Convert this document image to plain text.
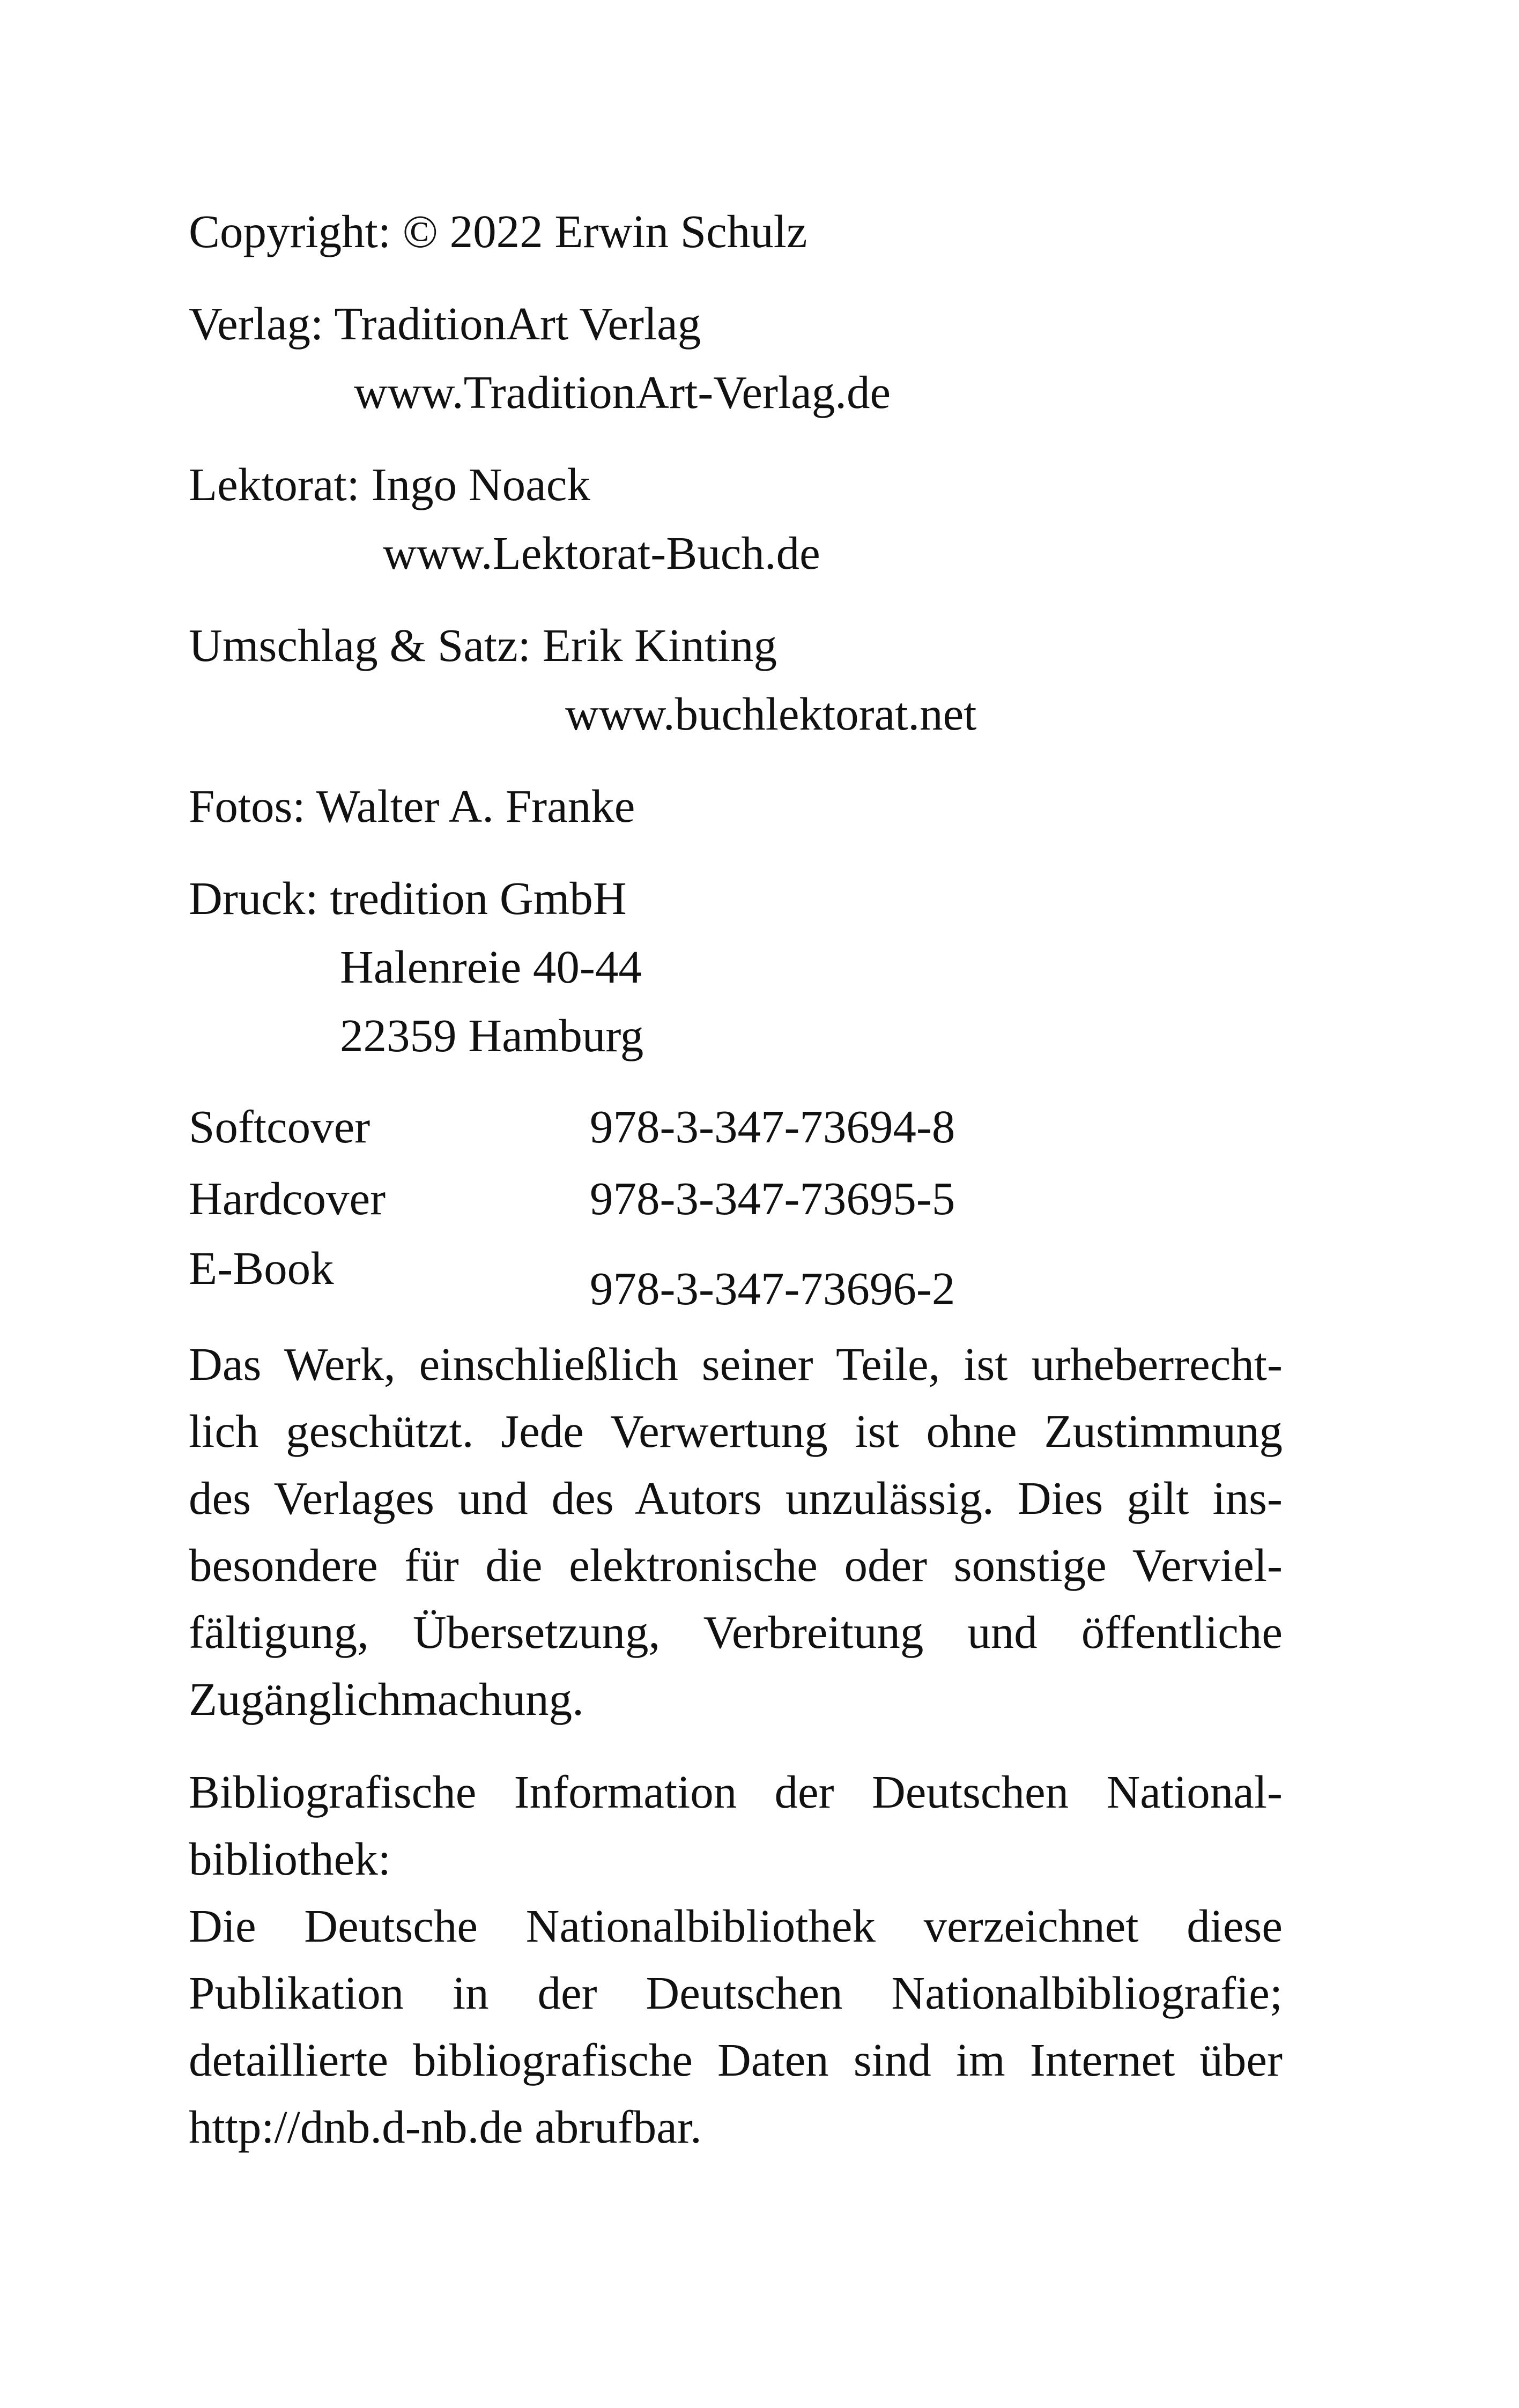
Copyright: © 2022 Erwin Schulz
Verlag: TraditionArt Verlag
www.TraditionArt-Verlag.de
Lektorat: Ingo Noack
www.Lektorat-Buch.de
Umschlag & Satz: Erik Kinting
www.buchlektorat.net
Fotos: Walter A. Franke
Druck: tredition GmbH
Halenreie 40-44
22359 Hamburg
Softcover	978-3-347-73694-8
Hardcover	978-3-347-73695-5
E-Book	978-3-347-73696-2
Das Werk, einschließlich seiner Teile, ist urheberrecht-
lich geschützt. Jede Verwertung ist ohne Zustimmung
des Verlages und des Autors unzulässig. Dies gilt ins-
besondere für die elektronische oder sonstige Verviel-
fältigung, Übersetzung, Verbreitung und öffentliche
Zugänglichmachung.
Bibliografische Information der Deutschen National-
bibliothek:
Die Deutsche Nationalbibliothek verzeichnet diese
Publikation in der Deutschen Nationalbibliografie;
detaillierte bibliografische Daten sind im Internet über
http://dnb.d-nb.de abrufbar.
